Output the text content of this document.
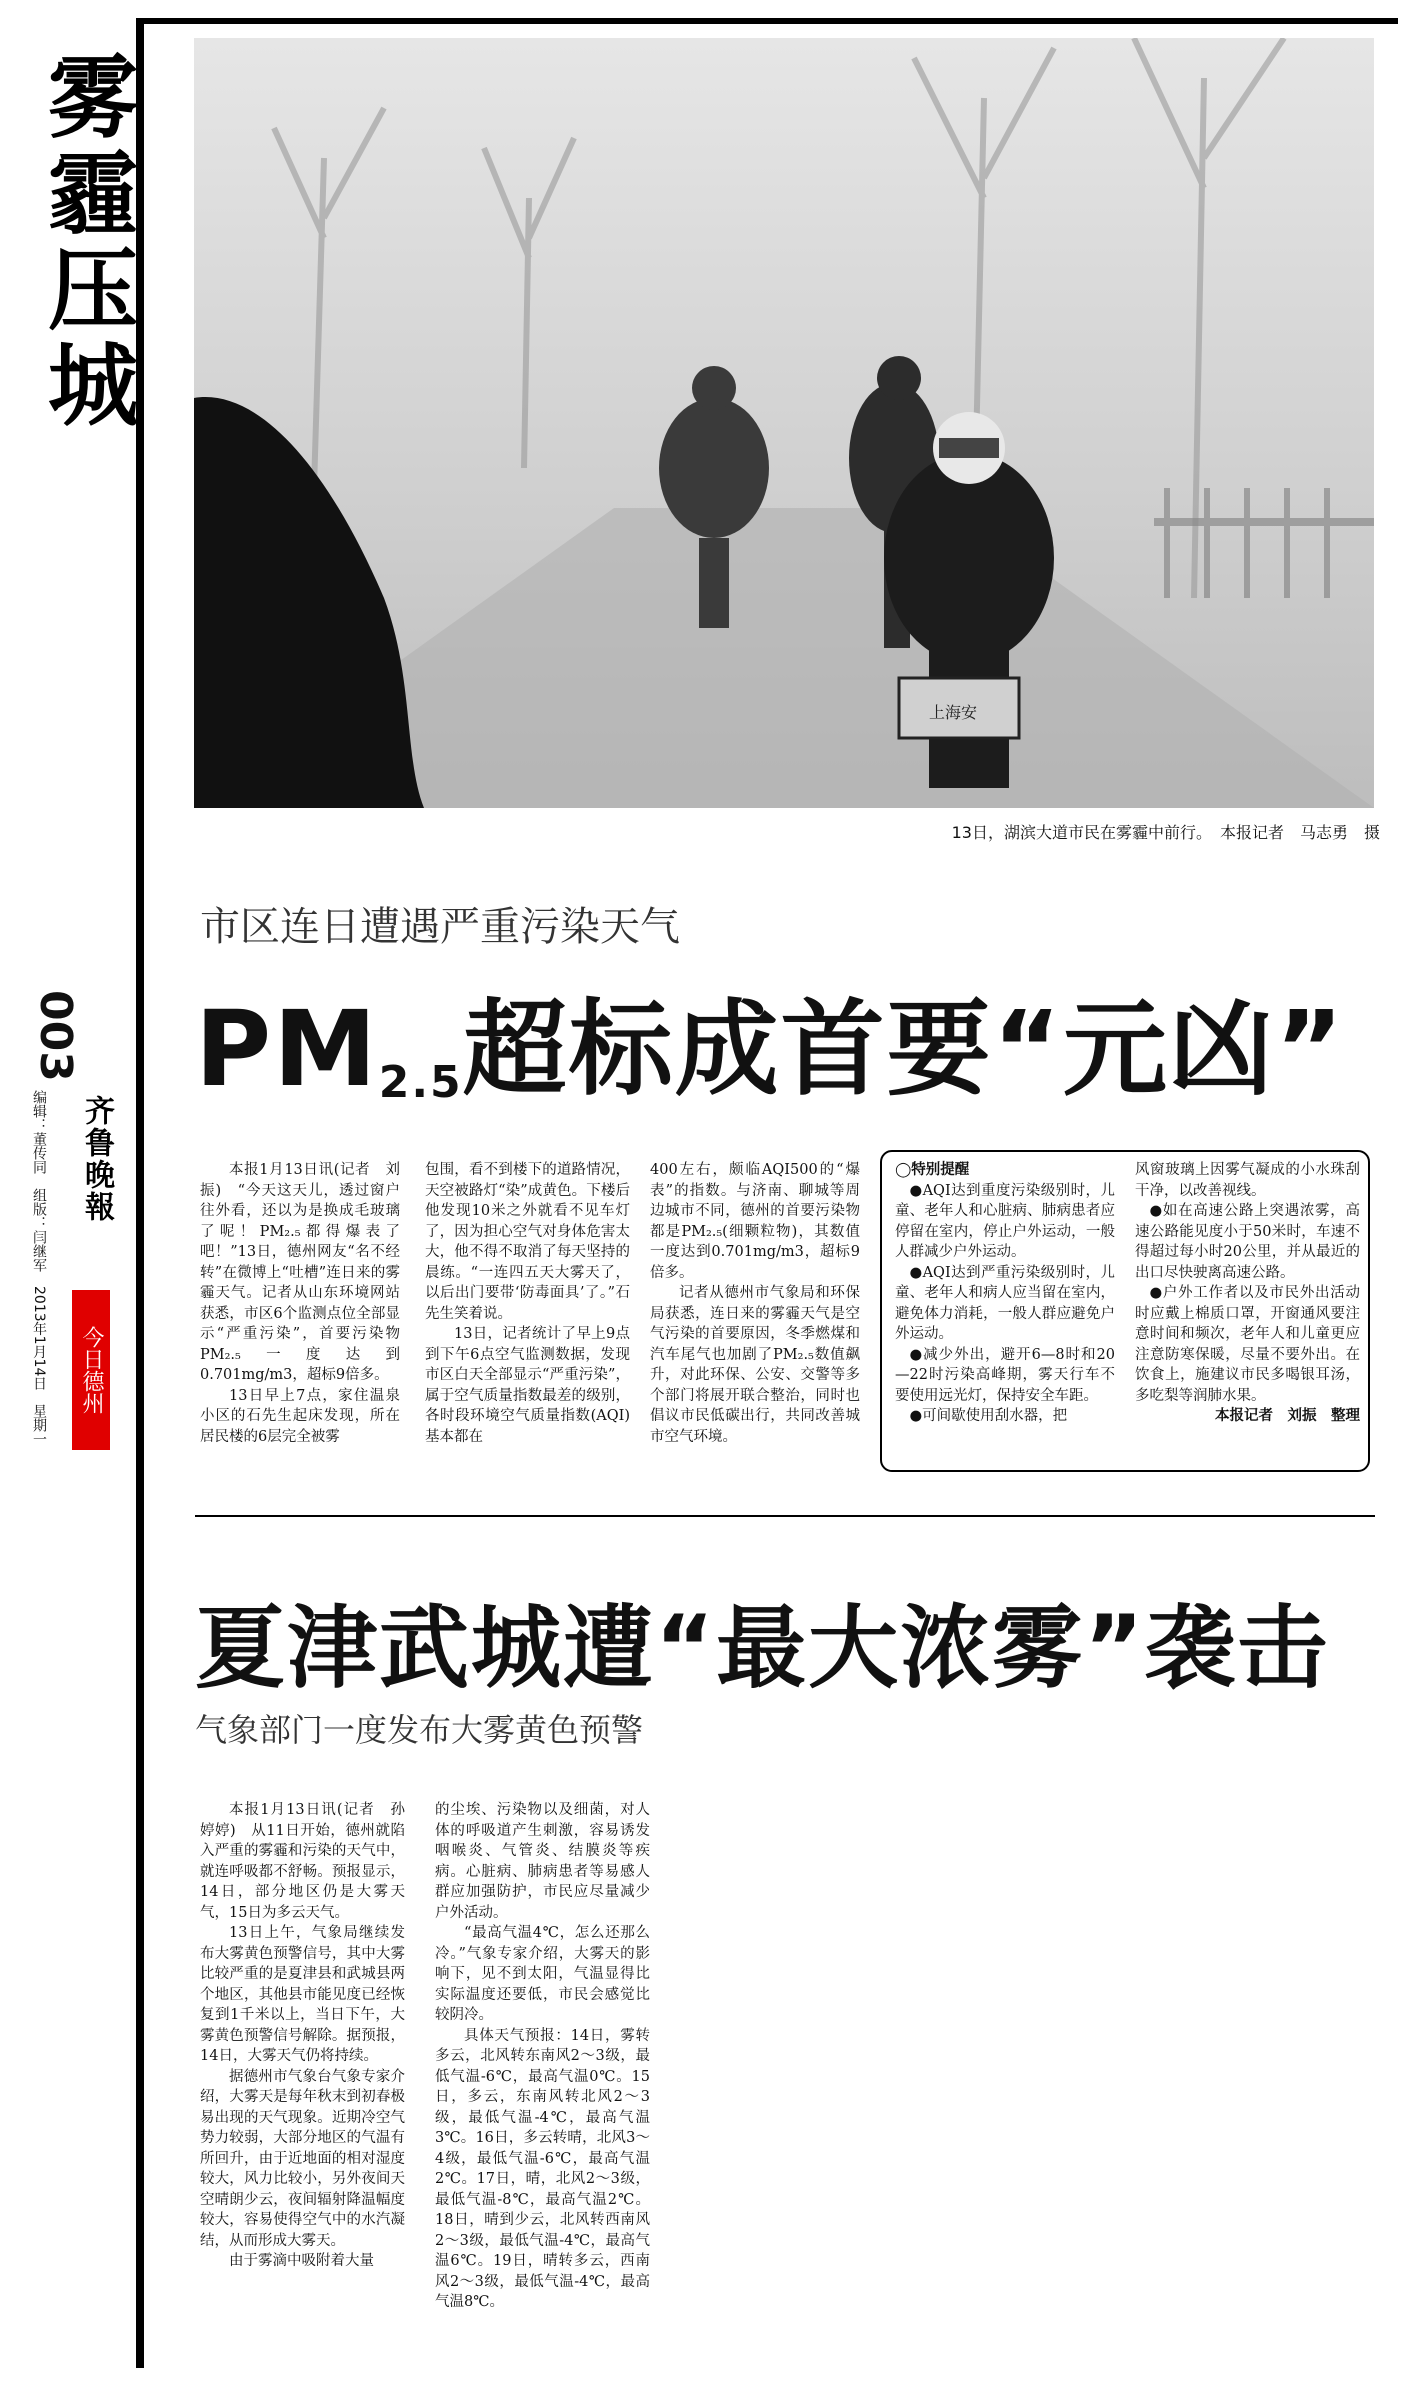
雾霾压城
003
编辑：董传同　组版：闫继军　2013年1月14日　星期一 齐鲁晚報
今日德州
上海安
13日，湖滨大道市民在雾霾中前行。　本报记者　马志勇　摄
市区连日遭遇严重污染天气
$PM_{2.5}$超标成首要“元凶”

本报1月13日讯(记者　刘振)　“今天这天儿，透过窗户往外看，还以为是换成毛玻璃了呢！PM₂.₅都得爆表了吧！”13日，德州网友“名不经转”在微博上“吐槽”连日来的雾霾天气。记者从山东环境网站获悉，市区6个监测点位全部显示“严重污染”，首要污染物PM₂.₅一度达到0.701mg/m3，超标9倍多。

13日早上7点，家住温泉小区的石先生起床发现，所在居民楼的6层完全被雾

包围，看不到楼下的道路情况，天空被路灯“染”成黄色。下楼后他发现10米之外就看不见车灯了，因为担心空气对身体危害太大，他不得不取消了每天坚持的晨练。“一连四五天大雾天了，以后出门要带‘防毒面具’了。”石先生笑着说。

13日，记者统计了早上9点到下午6点空气监测数据，发现市区白天全部显示“严重污染”，属于空气质量指数最差的级别，各时段环境空气质量指数(AQI)基本都在

400左右，颇临AQI500的“爆表”的指数。与济南、聊城等周边城市不同，德州的首要污染物都是PM₂.₅(细颗粒物)，其数值一度达到0.701mg/m3，超标9倍多。

记者从德州市气象局和环保局获悉，连日来的雾霾天气是空气污染的首要原因，冬季燃煤和汽车尾气也加剧了PM₂.₅数值飙升，对此环保、公安、交警等多个部门将展开联合整治，同时也倡议市民低碳出行，共同改善城市空气环境。

◯特别提醒

●AQI达到重度污染级别时，儿童、老年人和心脏病、肺病患者应停留在室内，停止户外运动，一般人群减少户外运动。

●AQI达到严重污染级别时，儿童、老年人和病人应当留在室内，避免体力消耗，一般人群应避免户外运动。

●减少外出，避开6—8时和20—22时污染高峰期，雾天行车不要使用远光灯，保持安全车距。

●可间歇使用刮水器，把

风窗玻璃上因雾气凝成的小水珠刮干净，以改善视线。

●如在高速公路上突遇浓雾，高速公路能见度小于50米时，车速不得超过每小时20公里，并从最近的出口尽快驶离高速公路。

●户外工作者以及市民外出活动时应戴上棉质口罩，开窗通风要注意时间和频次，老年人和儿童更应注意防寒保暖，尽量不要外出。在饮食上，施建议市民多喝银耳汤，多吃梨等润肺水果。

本报记者　刘振　整理

夏津武城遭“最大浓雾”袭击
气象部门一度发布大雾黄色预警

本报1月13日讯(记者　孙婷婷)　从11日开始，德州就陷入严重的雾霾和污染的天气中，就连呼吸都不舒畅。预报显示，14日，部分地区仍是大雾天气，15日为多云天气。

13日上午，气象局继续发布大雾黄色预警信号，其中大雾比较严重的是夏津县和武城县两个地区，其他县市能见度已经恢复到1千米以上，当日下午，大雾黄色预警信号解除。据预报，14日，大雾天气仍将持续。

据德州市气象台气象专家介绍，大雾天是每年秋末到初春极易出现的天气现象。近期冷空气势力较弱，大部分地区的气温有所回升，由于近地面的相对湿度较大，风力比较小，另外夜间天空晴朗少云，夜间辐射降温幅度较大，容易使得空气中的水汽凝结，从而形成大雾天。

由于雾滴中吸附着大量

的尘埃、污染物以及细菌，对人体的呼吸道产生刺激，容易诱发咽喉炎、气管炎、结膜炎等疾病。心脏病、肺病患者等易感人群应加强防护，市民应尽量减少户外活动。

“最高气温4℃，怎么还那么冷。”气象专家介绍，大雾天的影响下，见不到太阳，气温显得比实际温度还要低，市民会感觉比较阴冷。

具体天气预报：14日，雾转多云，北风转东南风2～3级，最低气温-6℃，最高气温0℃。15日，多云，东南风转北风2～3级，最低气温-4℃，最高气温3℃。16日，多云转晴，北风3～4级，最低气温-6℃，最高气温2℃。17日，晴，北风2～3级，最低气温-8℃，最高气温2℃。18日，晴到少云，北风转西南风2～3级，最低气温-4℃，最高气温6℃。19日，晴转多云，西南风2～3级，最低气温-4℃，最高气温8℃。
